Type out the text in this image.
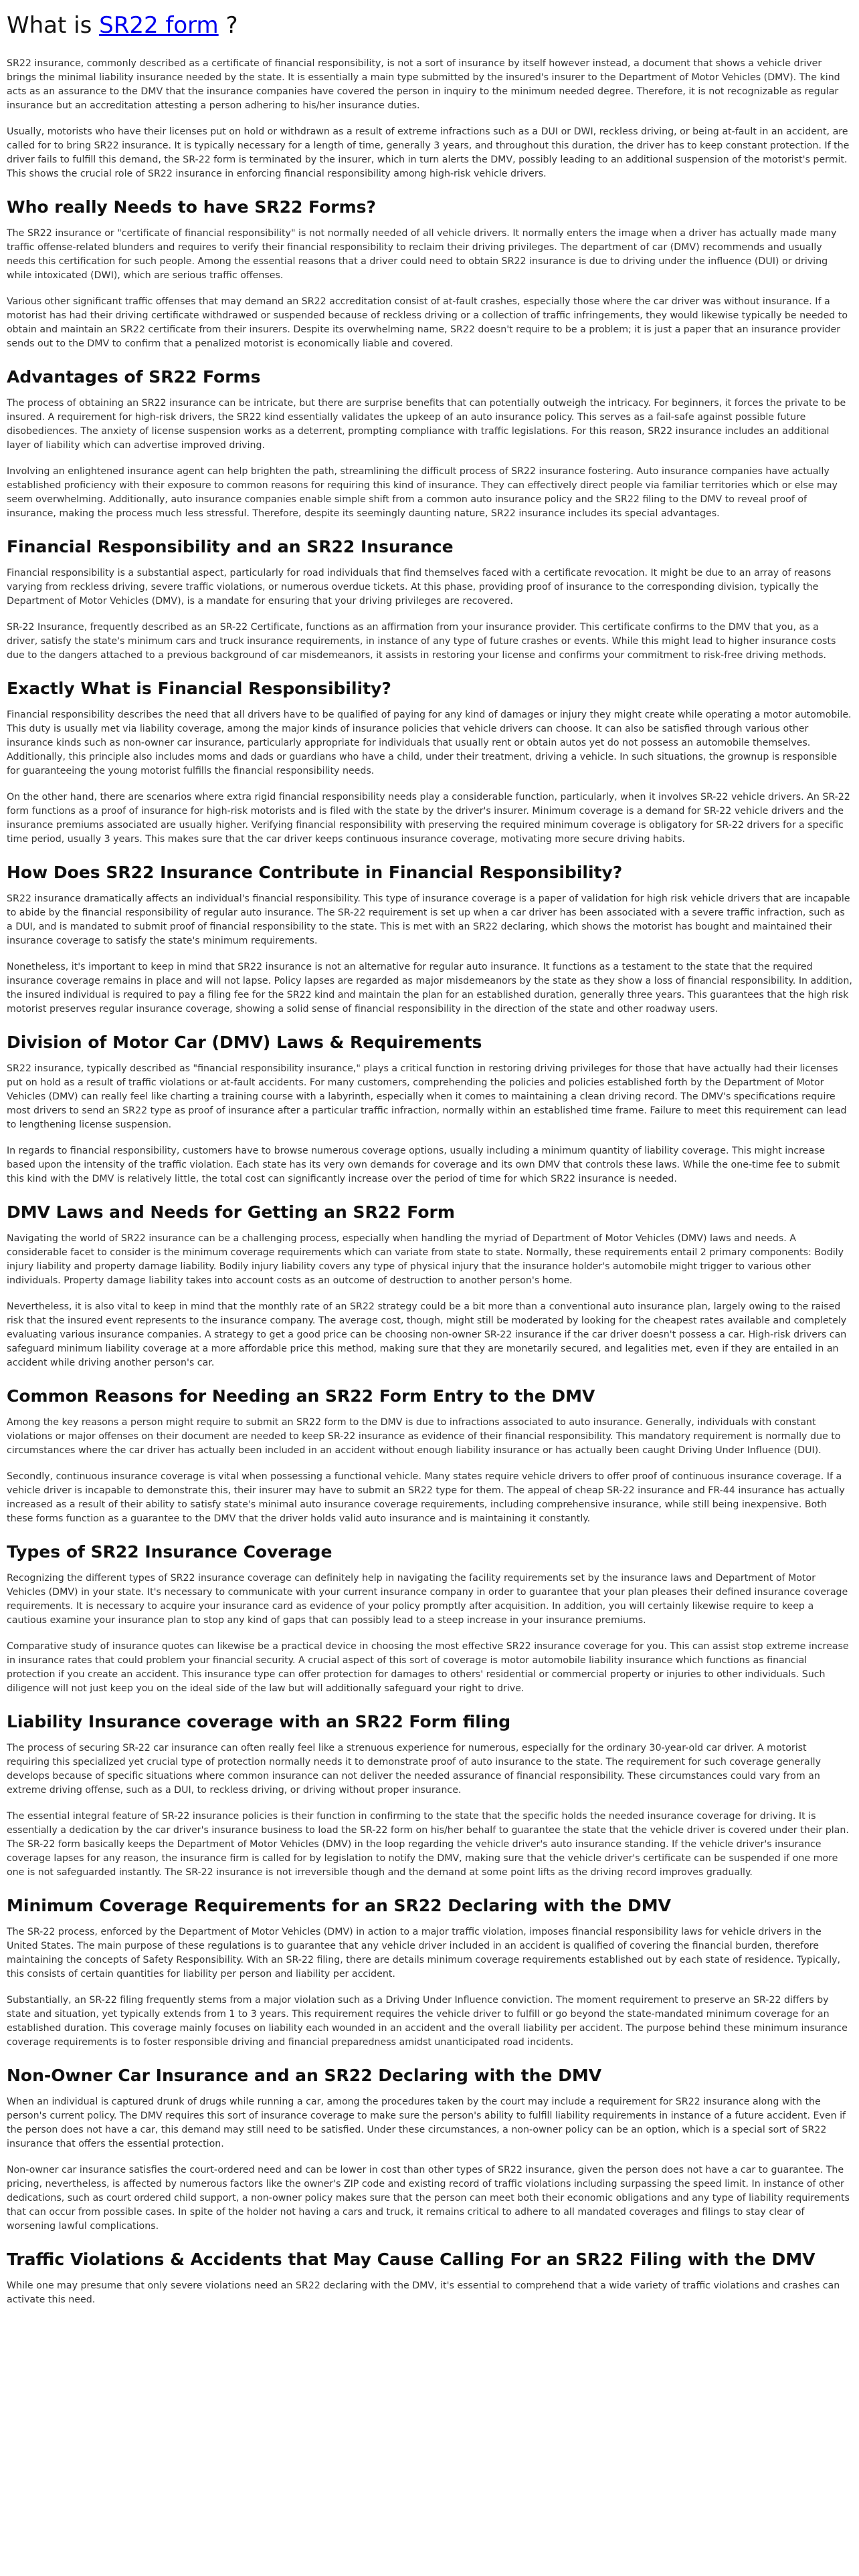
What is SR22 form ?

SR22 insurance, commonly described as a certificate of financial responsibility, is not a sort of insurance by itself however instead, a document that shows a vehicle driver brings the minimal liability insurance needed by the state. It is essentially a main type submitted by the insured's insurer to the Department of Motor Vehicles (DMV). The kind acts as an assurance to the DMV that the insurance companies have covered the person in inquiry to the minimum needed degree. Therefore, it is not recognizable as regular insurance but an accreditation attesting a person adhering to his/her insurance duties.

Usually, motorists who have their licenses put on hold or withdrawn as a result of extreme infractions such as a DUI or DWI, reckless driving, or being at-fault in an accident, are called for to bring SR22 insurance. It is typically necessary for a length of time, generally 3 years, and throughout this duration, the driver has to keep constant protection. If the driver fails to fulfill this demand, the SR-22 form is terminated by the insurer, which in turn alerts the DMV, possibly leading to an additional suspension of the motorist's permit. This shows the crucial role of SR22 insurance in enforcing financial responsibility among high-risk vehicle drivers.

Who really Needs to have SR22 Forms?

The SR22 insurance or "certificate of financial responsibility" is not normally needed of all vehicle drivers. It normally enters the image when a driver has actually made many traffic offense-related blunders and requires to verify their financial responsibility to reclaim their driving privileges. The department of car (DMV) recommends and usually needs this certification for such people. Among the essential reasons that a driver could need to obtain SR22 insurance is due to driving under the influence (DUI) or driving while intoxicated (DWI), which are serious traffic offenses.

Various other significant traffic offenses that may demand an SR22 accreditation consist of at-fault crashes, especially those where the car driver was without insurance. If a motorist has had their driving certificate withdrawed or suspended because of reckless driving or a collection of traffic infringements, they would likewise typically be needed to obtain and maintain an SR22 certificate from their insurers. Despite its overwhelming name, SR22 doesn't require to be a problem; it is just a paper that an insurance provider sends out to the DMV to confirm that a penalized motorist is economically liable and covered.

Advantages of SR22 Forms

The process of obtaining an SR22 insurance can be intricate, but there are surprise benefits that can potentially outweigh the intricacy. For beginners, it forces the private to be insured. A requirement for high-risk drivers, the SR22 kind essentially validates the upkeep of an auto insurance policy. This serves as a fail-safe against possible future disobediences. The anxiety of license suspension works as a deterrent, prompting compliance with traffic legislations. For this reason, SR22 insurance includes an additional layer of liability which can advertise improved driving.

Involving an enlightened insurance agent can help brighten the path, streamlining the difficult process of SR22 insurance fostering. Auto insurance companies have actually established proficiency with their exposure to common reasons for requiring this kind of insurance. They can effectively direct people via familiar territories which or else may seem overwhelming. Additionally, auto insurance companies enable simple shift from a common auto insurance policy and the SR22 filing to the DMV to reveal proof of insurance, making the process much less stressful. Therefore, despite its seemingly daunting nature, SR22 insurance includes its special advantages.

Financial Responsibility and an SR22 Insurance

Financial responsibility is a substantial aspect, particularly for road individuals that find themselves faced with a certificate revocation. It might be due to an array of reasons varying from reckless driving, severe traffic violations, or numerous overdue tickets. At this phase, providing proof of insurance to the corresponding division, typically the Department of Motor Vehicles (DMV), is a mandate for ensuring that your driving privileges are recovered.

SR-22 Insurance, frequently described as an SR-22 Certificate, functions as an affirmation from your insurance provider. This certificate confirms to the DMV that you, as a driver, satisfy the state's minimum cars and truck insurance requirements, in instance of any type of future crashes or events. While this might lead to higher insurance costs due to the dangers attached to a previous background of car misdemeanors, it assists in restoring your license and confirms your commitment to risk-free driving methods.

Exactly What is Financial Responsibility?

Financial responsibility describes the need that all drivers have to be qualified of paying for any kind of damages or injury they might create while operating a motor automobile. This duty is usually met via liability coverage, among the major kinds of insurance policies that vehicle drivers can choose. It can also be satisfied through various other insurance kinds such as non-owner car insurance, particularly appropriate for individuals that usually rent or obtain autos yet do not possess an automobile themselves. Additionally, this principle also includes moms and dads or guardians who have a child, under their treatment, driving a vehicle. In such situations, the grownup is responsible for guaranteeing the young motorist fulfills the financial responsibility needs.

On the other hand, there are scenarios where extra rigid financial responsibility needs play a considerable function, particularly, when it involves SR-22 vehicle drivers. An SR-22 form functions as a proof of insurance for high-risk motorists and is filed with the state by the driver's insurer. Minimum coverage is a demand for SR-22 vehicle drivers and the insurance premiums associated are usually higher. Verifying financial responsibility with preserving the required minimum coverage is obligatory for SR-22 drivers for a specific time period, usually 3 years. This makes sure that the car driver keeps continuous insurance coverage, motivating more secure driving habits.

How Does SR22 Insurance Contribute in Financial Responsibility?

SR22 insurance dramatically affects an individual's financial responsibility. This type of insurance coverage is a paper of validation for high risk vehicle drivers that are incapable to abide by the financial responsibility of regular auto insurance. The SR-22 requirement is set up when a car driver has been associated with a severe traffic infraction, such as a DUI, and is mandated to submit proof of financial responsibility to the state. This is met with an SR22 declaring, which shows the motorist has bought and maintained their insurance coverage to satisfy the state's minimum requirements.

Nonetheless, it's important to keep in mind that SR22 insurance is not an alternative for regular auto insurance. It functions as a testament to the state that the required insurance coverage remains in place and will not lapse. Policy lapses are regarded as major misdemeanors by the state as they show a loss of financial responsibility. In addition, the insured individual is required to pay a filing fee for the SR22 kind and maintain the plan for an established duration, generally three years. This guarantees that the high risk motorist preserves regular insurance coverage, showing a solid sense of financial responsibility in the direction of the state and other roadway users.

Division of Motor Car (DMV) Laws & Requirements

SR22 insurance, typically described as "financial responsibility insurance," plays a critical function in restoring driving privileges for those that have actually had their licenses put on hold as a result of traffic violations or at-fault accidents. For many customers, comprehending the policies and policies established forth by the Department of Motor Vehicles (DMV) can really feel like charting a training course with a labyrinth, especially when it comes to maintaining a clean driving record. The DMV's specifications require most drivers to send an SR22 type as proof of insurance after a particular traffic infraction, normally within an established time frame. Failure to meet this requirement can lead to lengthening license suspension.

In regards to financial responsibility, customers have to browse numerous coverage options, usually including a minimum quantity of liability coverage. This might increase based upon the intensity of the traffic violation. Each state has its very own demands for coverage and its own DMV that controls these laws. While the one-time fee to submit this kind with the DMV is relatively little, the total cost can significantly increase over the period of time for which SR22 insurance is needed.

DMV Laws and Needs for Getting an SR22 Form

Navigating the world of SR22 insurance can be a challenging process, especially when handling the myriad of Department of Motor Vehicles (DMV) laws and needs. A considerable facet to consider is the minimum coverage requirements which can variate from state to state. Normally, these requirements entail 2 primary components: Bodily injury liability and property damage liability. Bodily injury liability covers any type of physical injury that the insurance holder's automobile might trigger to various other individuals. Property damage liability takes into account costs as an outcome of destruction to another person's home.

Nevertheless, it is also vital to keep in mind that the monthly rate of an SR22 strategy could be a bit more than a conventional auto insurance plan, largely owing to the raised risk that the insured event represents to the insurance company. The average cost, though, might still be moderated by looking for the cheapest rates available and completely evaluating various insurance companies. A strategy to get a good price can be choosing non-owner SR-22 insurance if the car driver doesn't possess a car. High-risk drivers can safeguard minimum liability coverage at a more affordable price this method, making sure that they are monetarily secured, and legalities met, even if they are entailed in an accident while driving another person's car.

Common Reasons for Needing an SR22 Form Entry to the DMV

Among the key reasons a person might require to submit an SR22 form to the DMV is due to infractions associated to auto insurance. Generally, individuals with constant violations or major offenses on their document are needed to keep SR-22 insurance as evidence of their financial responsibility. This mandatory requirement is normally due to circumstances where the car driver has actually been included in an accident without enough liability insurance or has actually been caught Driving Under Influence (DUI).

Secondly, continuous insurance coverage is vital when possessing a functional vehicle. Many states require vehicle drivers to offer proof of continuous insurance coverage. If a vehicle driver is incapable to demonstrate this, their insurer may have to submit an SR22 type for them. The appeal of cheap SR-22 insurance and FR-44 insurance has actually increased as a result of their ability to satisfy state's minimal auto insurance coverage requirements, including comprehensive insurance, while still being inexpensive. Both these forms function as a guarantee to the DMV that the driver holds valid auto insurance and is maintaining it constantly.

Types of SR22 Insurance Coverage

Recognizing the different types of SR22 insurance coverage can definitely help in navigating the facility requirements set by the insurance laws and Department of Motor Vehicles (DMV) in your state. It's necessary to communicate with your current insurance company in order to guarantee that your plan pleases their defined insurance coverage requirements. It is necessary to acquire your insurance card as evidence of your policy promptly after acquisition. In addition, you will certainly likewise require to keep a cautious examine your insurance plan to stop any kind of gaps that can possibly lead to a steep increase in your insurance premiums.

Comparative study of insurance quotes can likewise be a practical device in choosing the most effective SR22 insurance coverage for you. This can assist stop extreme increase in insurance rates that could problem your financial security. A crucial aspect of this sort of coverage is motor automobile liability insurance which functions as financial protection if you create an accident. This insurance type can offer protection for damages to others' residential or commercial property or injuries to other individuals. Such diligence will not just keep you on the ideal side of the law but will additionally safeguard your right to drive.

Liability Insurance coverage with an SR22 Form filing

The process of securing SR-22 car insurance can often really feel like a strenuous experience for numerous, especially for the ordinary 30-year-old car driver. A motorist requiring this specialized yet crucial type of protection normally needs it to demonstrate proof of auto insurance to the state. The requirement for such coverage generally develops because of specific situations where common insurance can not deliver the needed assurance of financial responsibility. These circumstances could vary from an extreme driving offense, such as a DUI, to reckless driving, or driving without proper insurance.

The essential integral feature of SR-22 insurance policies is their function in confirming to the state that the specific holds the needed insurance coverage for driving. It is essentially a dedication by the car driver's insurance business to load the SR-22 form on his/her behalf to guarantee the state that the vehicle driver is covered under their plan. The SR-22 form basically keeps the Department of Motor Vehicles (DMV) in the loop regarding the vehicle driver's auto insurance standing. If the vehicle driver's insurance coverage lapses for any reason, the insurance firm is called for by legislation to notify the DMV, making sure that the vehicle driver's certificate can be suspended if one more one is not safeguarded instantly. The SR-22 insurance is not irreversible though and the demand at some point lifts as the driving record improves gradually.

Minimum Coverage Requirements for an SR22 Declaring with the DMV

The SR-22 process, enforced by the Department of Motor Vehicles (DMV) in action to a major traffic violation, imposes financial responsibility laws for vehicle drivers in the United States. The main purpose of these regulations is to guarantee that any vehicle driver included in an accident is qualified of covering the financial burden, therefore maintaining the concepts of Safety Responsibility. With an SR-22 filing, there are details minimum coverage requirements established out by each state of residence. Typically, this consists of certain quantities for liability per person and liability per accident.

Substantially, an SR-22 filing frequently stems from a major violation such as a Driving Under Influence conviction. The moment requirement to preserve an SR-22 differs by state and situation, yet typically extends from 1 to 3 years. This requirement requires the vehicle driver to fulfill or go beyond the state-mandated minimum coverage for an established duration. This coverage mainly focuses on liability each wounded in an accident and the overall liability per accident. The purpose behind these minimum insurance coverage requirements is to foster responsible driving and financial preparedness amidst unanticipated road incidents.

Non-Owner Car Insurance and an SR22 Declaring with the DMV

When an individual is captured drunk of drugs while running a car, among the procedures taken by the court may include a requirement for SR22 insurance along with the person's current policy. The DMV requires this sort of insurance coverage to make sure the person's ability to fulfill liability requirements in instance of a future accident. Even if the person does not have a car, this demand may still need to be satisfied. Under these circumstances, a non-owner policy can be an option, which is a special sort of SR22 insurance that offers the essential protection.

Non-owner car insurance satisfies the court-ordered need and can be lower in cost than other types of SR22 insurance, given the person does not have a car to guarantee. The pricing, nevertheless, is affected by numerous factors like the owner's ZIP code and existing record of traffic violations including surpassing the speed limit. In instance of other dedications, such as court ordered child support, a non-owner policy makes sure that the person can meet both their economic obligations and any type of liability requirements that can occur from possible cases. In spite of the holder not having a cars and truck, it remains critical to adhere to all mandated coverages and filings to stay clear of worsening lawful complications.

Traffic Violations & Accidents that May Cause Calling For an SR22 Filing with the DMV

While one may presume that only severe violations need an SR22 declaring with the DMV, it's essential to comprehend that a wide variety of traffic violations and crashes can activate this need.
